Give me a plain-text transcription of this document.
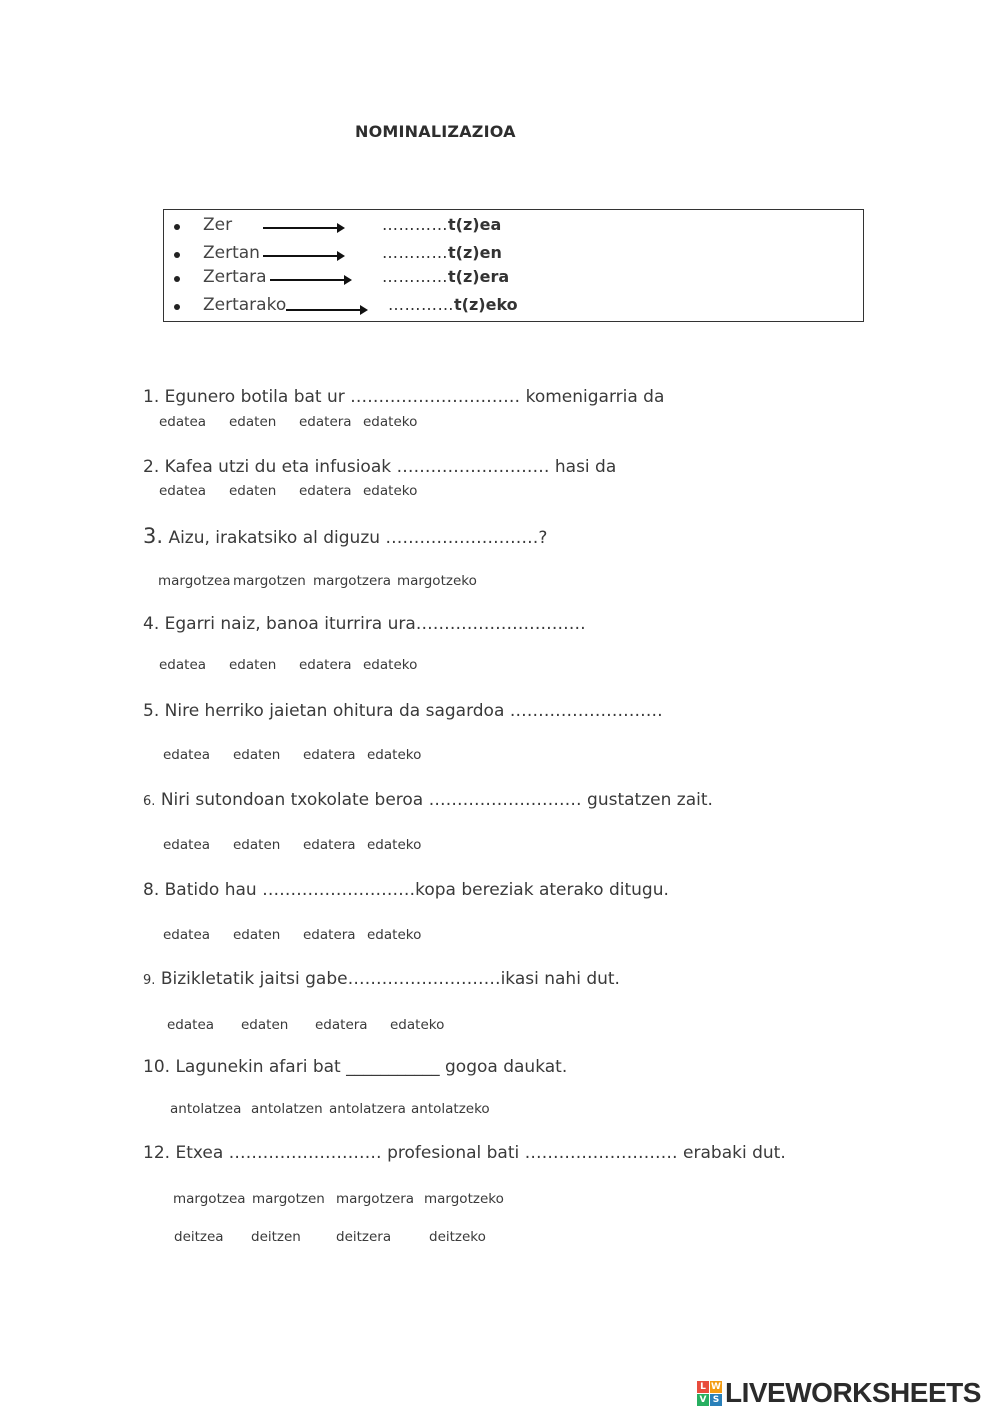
NOMINALIZAZIOA
Zer	…………t(z)ea
Zertan	…………t(z)en
Zertara	…………t(z)era
Zertarako	…………t(z)eko
1. Egunero botila bat ur ………………………… komenigarria da
edatea edaten edatera edateko
2. Kafea utzi du eta infusioak ……………………… hasi da
edatea edaten edatera edateko
3. Aizu, irakatsiko al diguzu ………………………?
margotzea margotzen margotzera margotzeko
4. Egarri naiz, banoa iturrira ura…………………………
edatea edaten edatera edateko
5. Nire herriko jaietan ohitura da sagardoa ………………………
edatea edaten edatera edateko
6. Niri sutondoan txokolate beroa ……………………… gustatzen zait.
edatea edaten edatera edateko
8. Batido hau ………………………kopa bereziak aterako ditugu.
edatea edaten edatera edateko
9. Bizikletatik jaitsi gabe………………………ikasi nahi dut.
edatea edaten edatera edateko
10. Lagunekin afari bat ___________ gogoa daukat.
antolatzea antolatzen antolatzera antolatzeko
12. Etxea ……………………… profesional bati ……………………… erabaki dut.
margotzea margotzen margotzera margotzeko
deitzea deitzen	deitzera	deitzeko
L W
V S LIVEWORKSHEETS
